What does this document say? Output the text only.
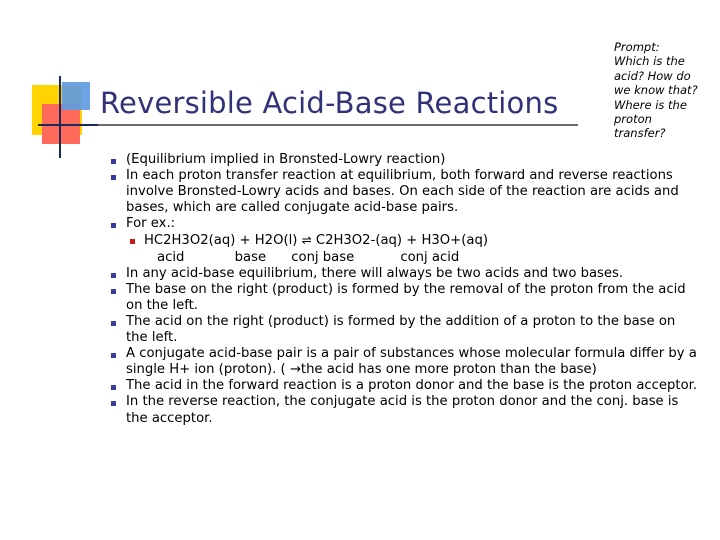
Reversible Acid-Base Reactions
Prompt:
Which is the
acid? How do
we know that?
Where is the
proton
transfer?
(Equilibrium implied in Bronsted-Lowry reaction)
In each proton transfer reaction at equilibrium, both forward and reverse reactions
involve Bronsted-Lowry acids and bases. On each side of the reaction are acids and
bases, which are called conjugate acid-base pairs.
For ex.:
HC2H3O2(aq) + H2O(l) ⇌ C2H3O2-(aq) + H3O+(aq)
acid            base      conj base           conj acid
In any acid-base equilibrium, there will always be two acids and two bases.
The base on the right (product) is formed by the removal of the proton from the acid
on the left.
The acid on the right (product) is formed by the addition of a proton to the base on
the left.
A conjugate acid-base pair is a pair of substances whose molecular formula differ by a
single H+ ion (proton). ( →the acid has one more proton than the base)
The acid in the forward reaction is a proton donor and the base is the proton acceptor.
In the reverse reaction, the conjugate acid is the proton donor and the conj. base is
the acceptor.
